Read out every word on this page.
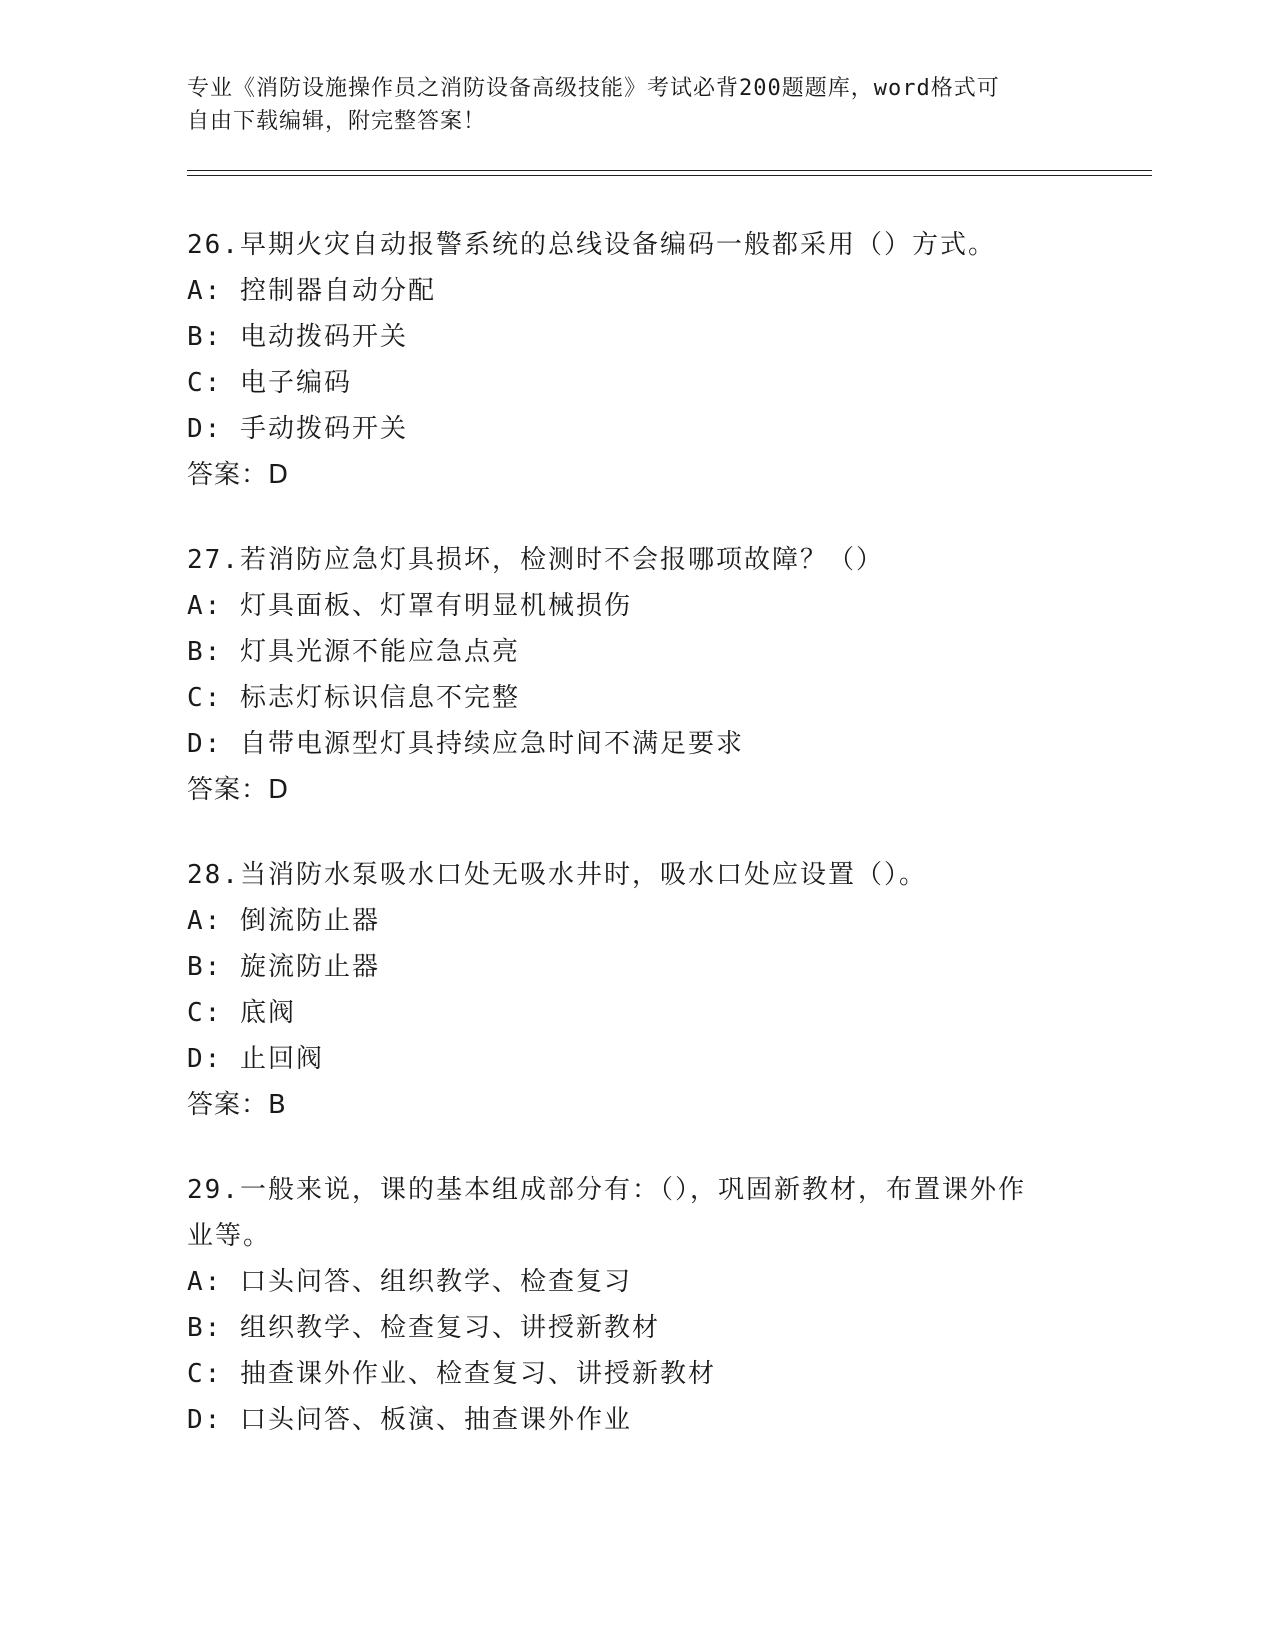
专业《消防设施操作员之消防设备高级技能》考试必背200题题库，word格式可
自由下载编辑，附完整答案！
26.早期火灾自动报警系统的总线设备编码一般都采用（）方式。
A: 控制器自动分配
B: 电动拨码开关
C: 电子编码
D: 手动拨码开关
答案：D
27.若消防应急灯具损坏，检测时不会报哪项故障？（）
A: 灯具面板、灯罩有明显机械损伤
B: 灯具光源不能应急点亮
C: 标志灯标识信息不完整
D: 自带电源型灯具持续应急时间不满足要求
答案：D
28.当消防水泵吸水口处无吸水井时，吸水口处应设置（）。
A: 倒流防止器
B: 旋流防止器
C: 底阀
D: 止回阀
答案：B
29.一般来说，课的基本组成部分有：（），巩固新教材，布置课外作
业等。
A: 口头问答、组织教学、检查复习
B: 组织教学、检查复习、讲授新教材
C: 抽查课外作业、检查复习、讲授新教材
D: 口头问答、板演、抽查课外作业
